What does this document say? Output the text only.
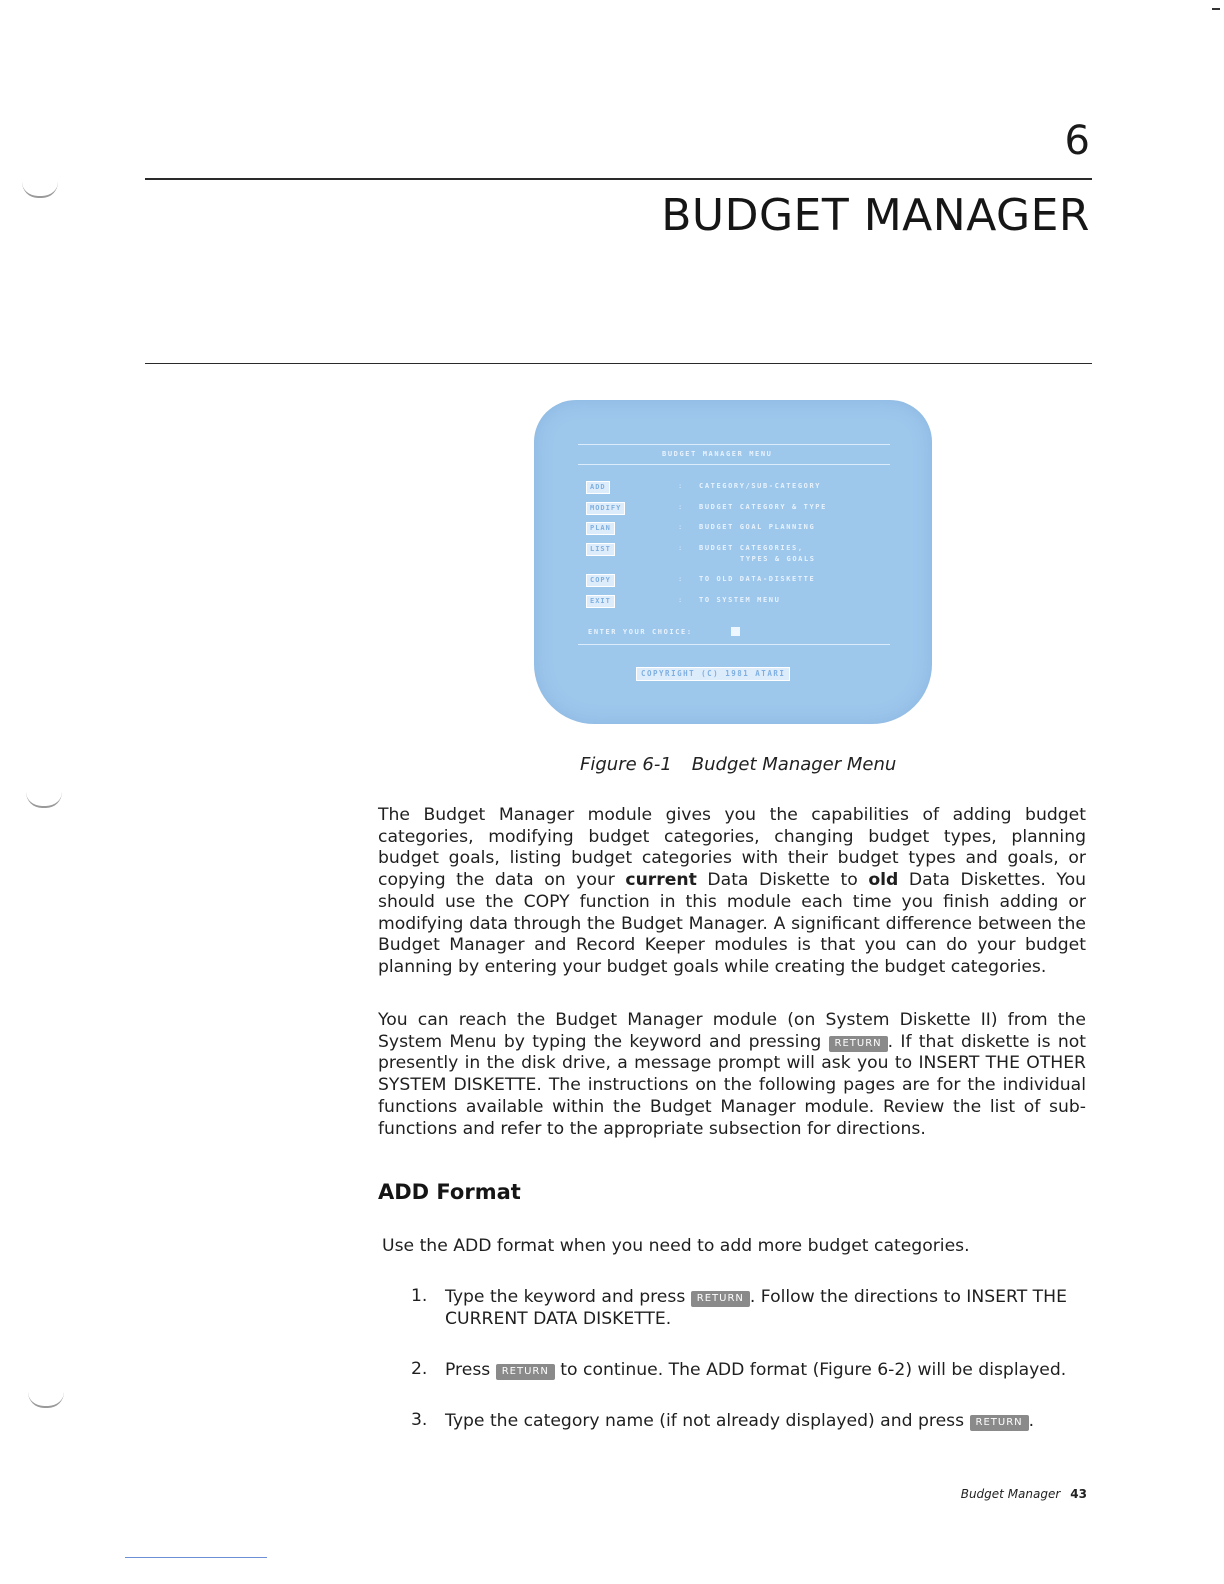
6
BUDGET MANAGER
BUDGET MANAGER MENU
ADD	: CATEGORY/SUB-CATEGORY
MODIFY	: BUDGET CATEGORY & TYPE
PLAN	: BUDGET GOAL PLANNING
LIST	: BUDGET CATEGORIES,
TYPES & GOALS
COPY	: TO OLD DATA-DISKETTE
EXIT	: TO SYSTEM MENU
ENTER YOUR CHOICE:
COPYRIGHT (C) 1981 ATARI
Figure 6-1 Budget Manager Menu
The Budget Manager module gives you the capabilities of adding budget categories, modifying budget categories, changing budget types, planning budget goals, listing budget categories with their budget types and goals, or copying the data on your current Data Diskette to old Data Diskettes. You should use the COPY function in this module each time you finish adding or modifying data through the Budget Manager. A significant difference between the Budget Manager and Record Keeper modules is that you can do your budget planning by entering your budget goals while creating the budget categories.
You can reach the Budget Manager module (on System Diskette II) from the System Menu by typing the keyword and pressing RETURN . If that diskette is not presently in the disk drive, a message prompt will ask you to INSERT THE OTHER SYSTEM DISKETTE. The instructions on the following pages are for the individual functions available within the Budget Manager module. Review the list of sub-functions and refer to the appropriate subsection for directions.
ADD Format
Use the ADD format when you need to add more budget categories.
1. Type the keyword and press RETURN . Follow the directions to INSERT THE CURRENT DATA DISKETTE.
2. Press RETURN to continue. The ADD format (Figure 6-2) will be displayed.
3. Type the category name (if not already displayed) and press RETURN .
Budget Manager 43
